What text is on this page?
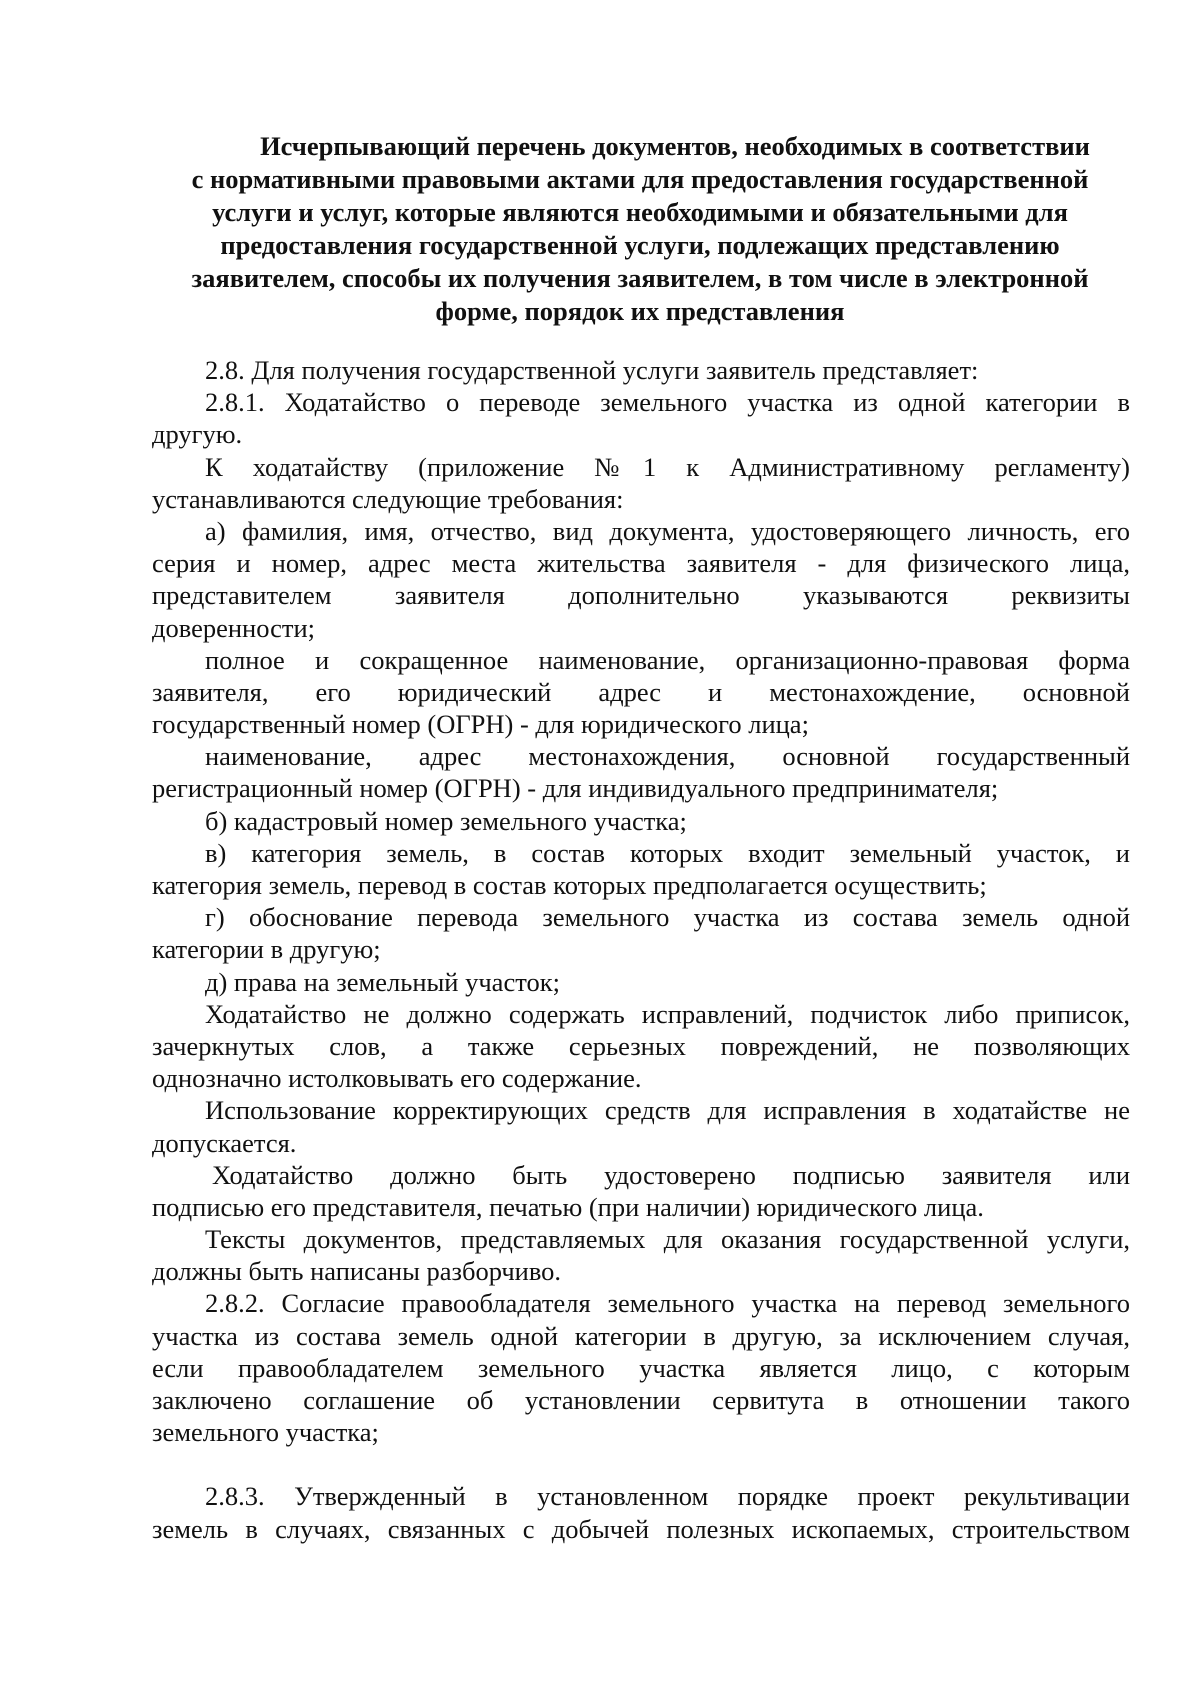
Исчерпывающий перечень документов, необходимых в соответствии
с нормативными правовыми актами для предоставления государственной
услуги и услуг, которые являются необходимыми и обязательными для
предоставления государственной услуги, подлежащих представлению
заявителем, способы их получения заявителем, в том числе в электронной
форме, порядок их представления
2.8. Для получения государственной услуги заявитель представляет:
2.8.1. Ходатайство о переводе земельного участка из одной категории в
другую.
К ходатайству (приложение №1 к Административному регламенту)
устанавливаются следующие требования:
а) фамилия, имя, отчество, вид документа, удостоверяющего личность, его
серия и номер, адрес места жительства заявителя - для физического лица,
представителем заявителя дополнительно указываются реквизиты
доверенности;
полное и сокращенное наименование, организационно-правовая форма
заявителя, его юридический адрес и местонахождение, основной
государственный номер (ОГРН) - для юридического лица;
наименование, адрес местонахождения, основной государственный
регистрационный номер (ОГРН) - для индивидуального предпринимателя;
б) кадастровый номер земельного участка;
в) категория земель, в состав которых входит земельный участок, и
категория земель, перевод в состав которых предполагается осуществить;
г) обоснование перевода земельного участка из состава земель одной
категории в другую;
д) права на земельный участок;
Ходатайство не должно содержать исправлений, подчисток либо приписок,
зачеркнутых слов, а также серьезных повреждений, не позволяющих
однозначно истолковывать его содержание.
Использование корректирующих средств для исправления в ходатайстве не
допускается.
Ходатайство должно быть удостоверено подписью заявителя или
подписью его представителя, печатью (при наличии) юридического лица.
Тексты документов, представляемых для оказания государственной услуги,
должны быть написаны разборчиво.
2.8.2. Согласие правообладателя земельного участка на перевод земельного
участка из состава земель одной категории в другую, за исключением случая,
если правообладателем земельного участка является лицо, с которым
заключено соглашение об установлении сервитута в отношении такого
земельного участка;
2.8.3. Утвержденный в установленном порядке проект рекультивации
земель в случаях, связанных с добычей полезных ископаемых, строительством
